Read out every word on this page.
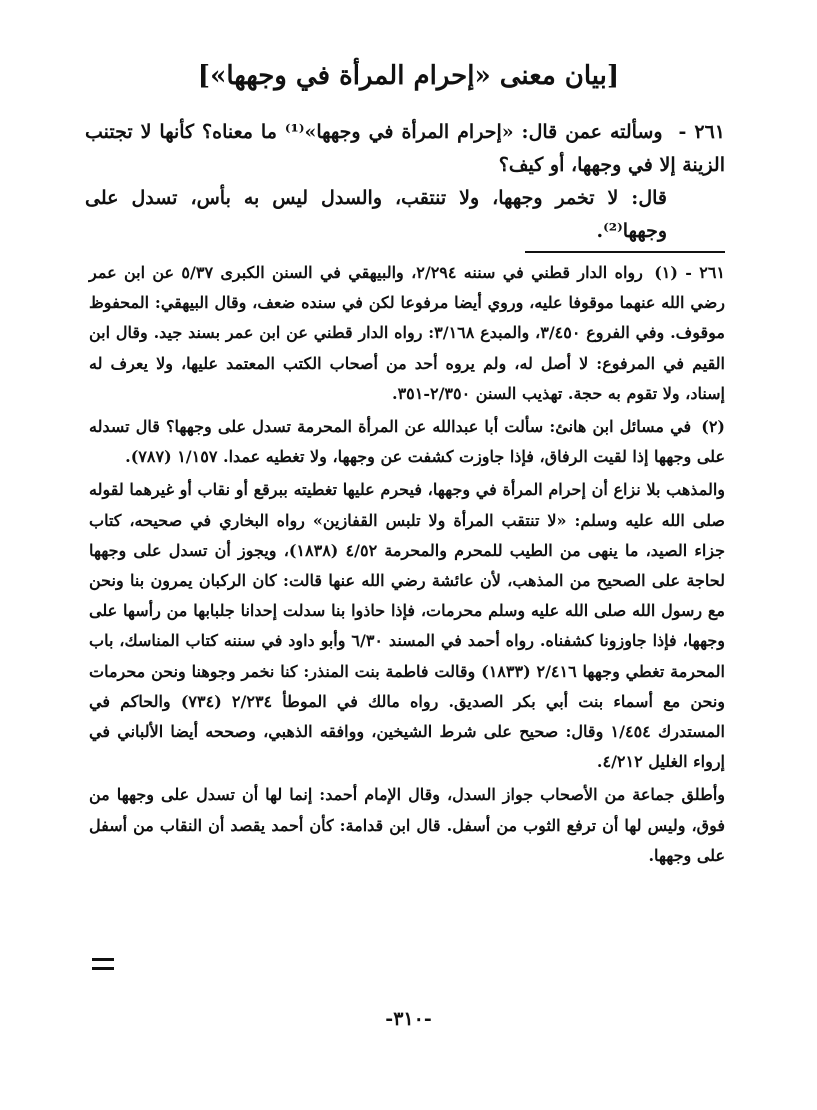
[بيان معنى «إحرام المرأة في وجهها»]

٢٦١ - وسألته عمن قال: «إحرام المرأة في وجهها»⁽¹⁾ ما معناه؟ كأنها لا تجتنب الزينة إلا في وجهها، أو كيف؟

قال: لا تخمر وجهها، ولا تنتقب، والسدل ليس به بأس، تسدل على وجهها⁽²⁾.

٢٦١ - (١) رواه الدار قطني في سننه ٢/٢٩٤، والبيهقي في السنن الكبرى ٥/٣٧ عن ابن عمر رضي الله عنهما موقوفا عليه، وروي أيضا مرفوعا لكن في سنده ضعف، وقال البيهقي: المحفوظ موقوف. وفي الفروع ٣/٤٥٠، والمبدع ٣/١٦٨: رواه الدار قطني عن ابن عمر بسند جيد. وقال ابن القيم في المرفوع: لا أصل له، ولم يروه أحد من أصحاب الكتب المعتمد عليها، ولا يعرف له إسناد، ولا تقوم به حجة. تهذيب السنن ٢/٣٥٠-٣٥١.

(٢) في مسائل ابن هانئ: سألت أبا عبدالله عن المرأة المحرمة تسدل على وجهها؟ قال تسدله على وجهها إذا لقيت الرفاق، فإذا جاوزت كشفت عن وجهها، ولا تغطيه عمدا. ١/١٥٧ (٧٨٧).

والمذهب بلا نزاع أن إحرام المرأة في وجهها، فيحرم عليها تغطيته ببرقع أو نقاب أو غيرهما لقوله صلى الله عليه وسلم: «لا تنتقب المرأة ولا تلبس القفازين» رواه البخاري في صحيحه، كتاب جزاء الصيد، ما ينهى من الطيب للمحرم والمحرمة ٤/٥٢ (١٨٣٨)، ويجوز أن تسدل على وجهها لحاجة على الصحيح من المذهب، لأن عائشة رضي الله عنها قالت: كان الركبان يمرون بنا ونحن مع رسول الله صلى الله عليه وسلم محرمات، فإذا حاذوا بنا سدلت إحدانا جلبابها من رأسها على وجهها، فإذا جاوزونا كشفناه. رواه أحمد في المسند ٦/٣٠ وأبو داود في سننه كتاب المناسك، باب المحرمة تغطي وجهها ٢/٤١٦ (١٨٣٣) وقالت فاطمة بنت المنذر: كنا نخمر وجوهنا ونحن محرمات ونحن مع أسماء بنت أبي بكر الصديق. رواه مالك في الموطأ ٢/٢٣٤ (٧٣٤) والحاكم في المستدرك ١/٤٥٤ وقال: صحيح على شرط الشيخين، ووافقه الذهبي، وصححه أيضا الألباني في إرواء الغليل ٤/٢١٢.

وأطلق جماعة من الأصحاب جواز السدل، وقال الإمام أحمد: إنما لها أن تسدل على وجهها من فوق، وليس لها أن ترفع الثوب من أسفل. قال ابن قدامة: كأن أحمد يقصد أن النقاب من أسفل على وجهها.

-٣١٠-
